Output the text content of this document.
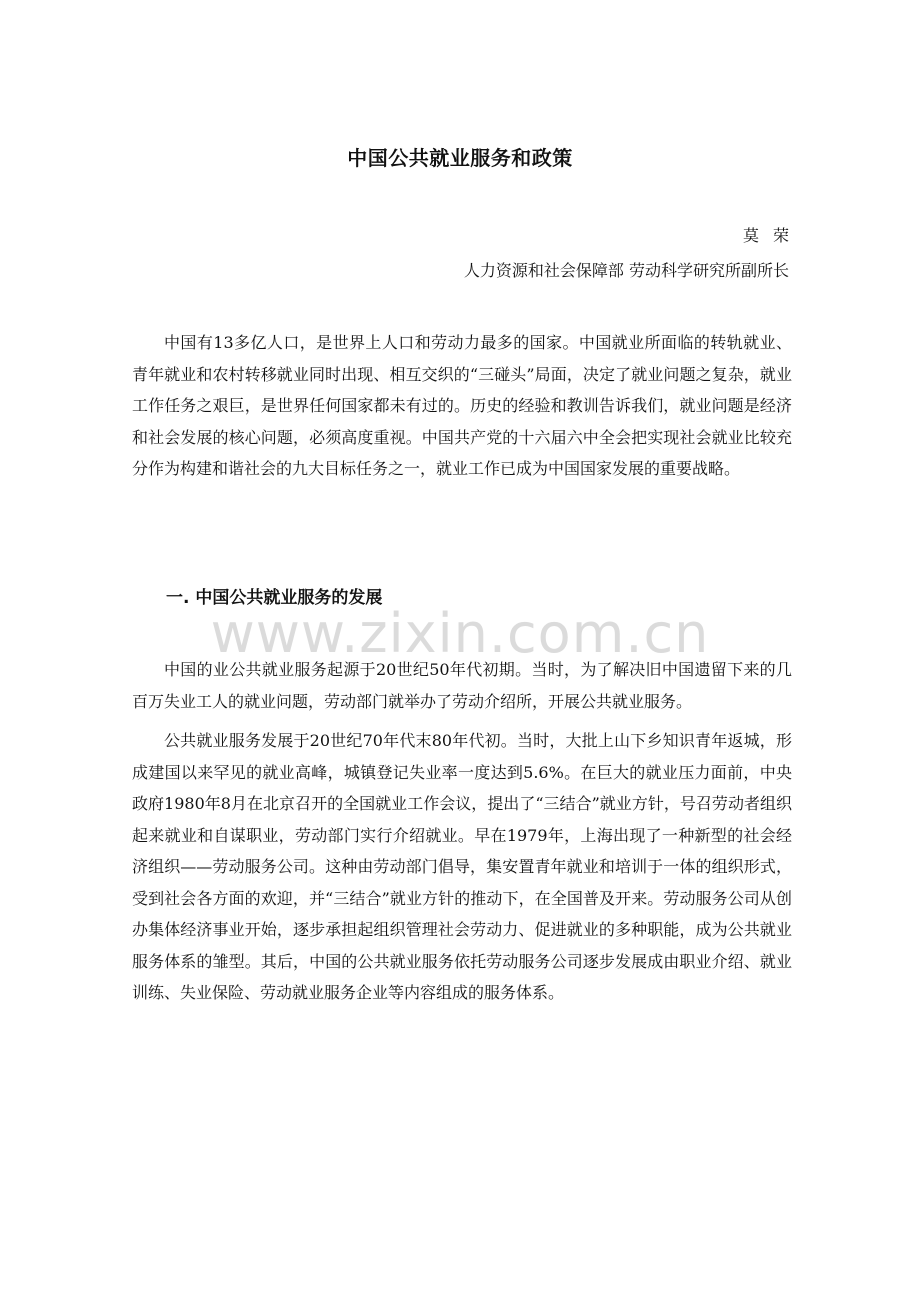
中国公共就业服务和政策
莫荣
人力资源和社会保障部 劳动科学研究所副所长

中国有13多亿人口，是世界上人口和劳动力最多的国家。中国就业所面临的转轨就业、青年就业和农村转移就业同时出现、相互交织的“三碰头”局面，决定了就业问题之复杂，就业工作任务之艰巨，是世界任何国家都未有过的。历史的经验和教训告诉我们，就业问题是经济和社会发展的核心问题，必须高度重视。中国共产党的十六届六中全会把实现社会就业比较充分作为构建和谐社会的九大目标任务之一，就业工作已成为中国国家发展的重要战略。

一. 中国公共就业服务的发展

中国的业公共就业服务起源于20世纪50年代初期。当时，为了解决旧中国遗留下来的几百万失业工人的就业问题，劳动部门就举办了劳动介绍所，开展公共就业服务。

公共就业服务发展于20世纪70年代末80年代初。当时，大批上山下乡知识青年返城，形成建国以来罕见的就业高峰，城镇登记失业率一度达到5.6%。在巨大的就业压力面前，中央政府1980年8月在北京召开的全国就业工作会议，提出了“三结合”就业方针，号召劳动者组织起来就业和自谋职业，劳动部门实行介绍就业。早在1979年，上海出现了一种新型的社会经济组织——劳动服务公司。这种由劳动部门倡导，集安置青年就业和培训于一体的组织形式，受到社会各方面的欢迎，并“三结合”就业方针的推动下，在全国普及开来。劳动服务公司从创办集体经济事业开始，逐步承担起组织管理社会劳动力、促进就业的多种职能，成为公共就业服务体系的雏型。其后，中国的公共就业服务依托劳动服务公司逐步发展成由职业介绍、就业训练、失业保险、劳动就业服务企业等内容组成的服务体系。

www.zixin.com.cn
